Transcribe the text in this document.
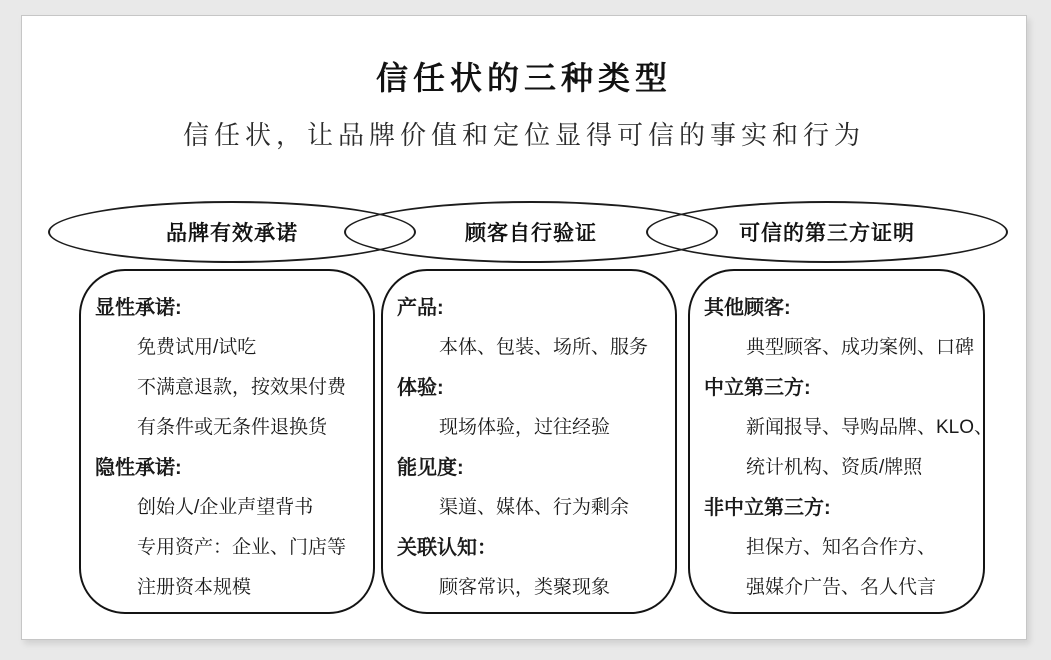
信任状的三种类型
信任状，让品牌价值和定位显得可信的事实和行为
品牌有效承诺	顾客自行验证	可信的第三方证明
显性承诺:
免费试用/试吃
不满意退款，按效果付费
有条件或无条件退换货
隐性承诺:
创始人/企业声望背书
专用资产：企业、门店等
注册资本规模
产品:
本体、包装、场所、服务
体验:
现场体验，过往经验
能见度:
渠道、媒体、行为剩余
关联认知：
顾客常识，类聚现象
其他顾客:
典型顾客、成功案例、口碑
中立第三方:
新闻报导、导购品牌、KLO、
统计机构、资质/牌照
非中立第三方:
担保方、知名合作方、
强媒介广告、名人代言
